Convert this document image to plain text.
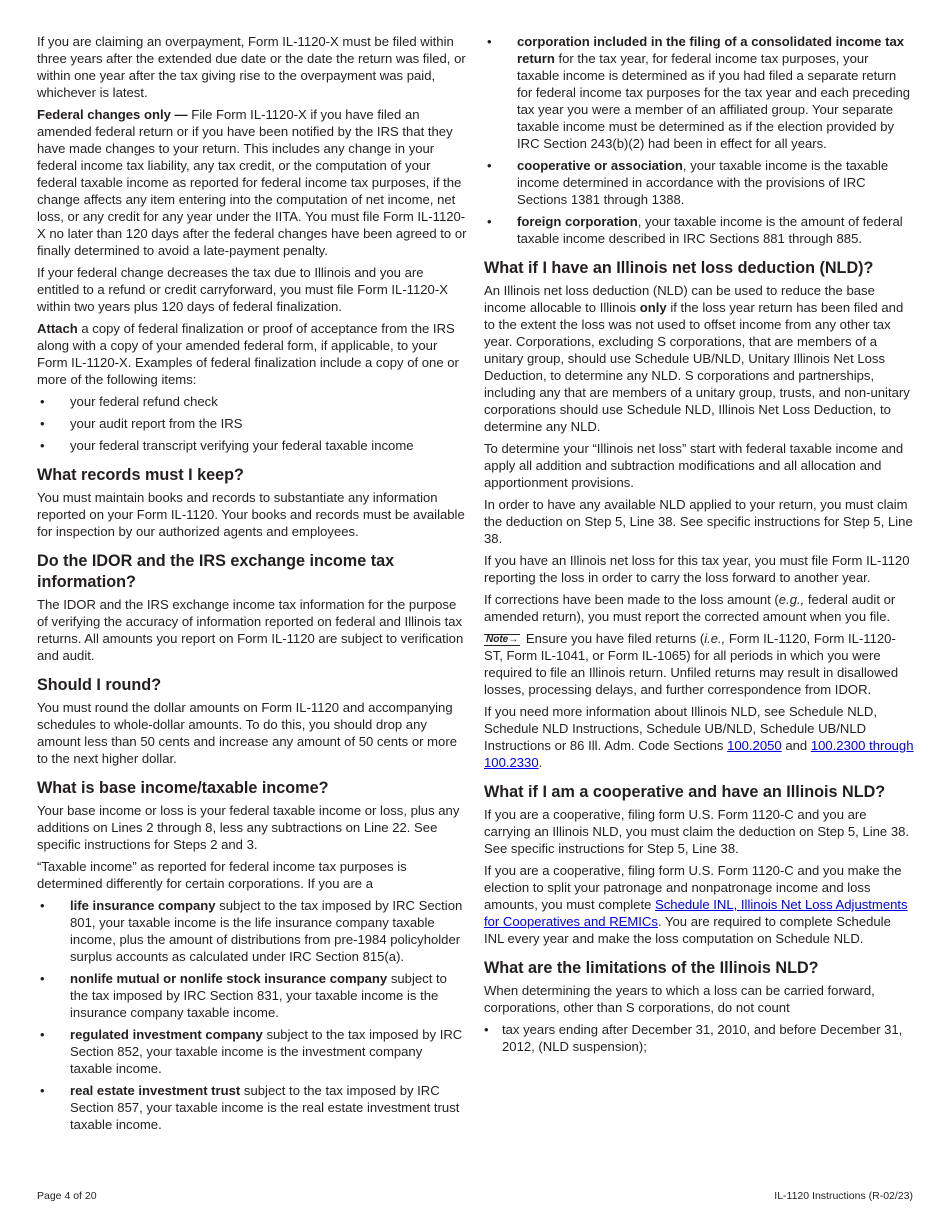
If you are claiming an overpayment, Form IL-1120-X must be filed within three years after the extended due date or the date the return was filed, or within one year after the tax giving rise to the overpayment was paid, whichever is latest.

Federal changes only — File Form IL-1120-X if you have filed an amended federal return or if you have been notified by the IRS that they have made changes to your return. This includes any change in your federal income tax liability, any tax credit, or the computation of your federal taxable income as reported for federal income tax purposes, if the change affects any item entering into the computation of net income, net loss, or any credit for any year under the IITA. You must file Form IL-1120-X no later than 120 days after the federal changes have been agreed to or finally determined to avoid a late-payment penalty.

If your federal change decreases the tax due to Illinois and you are entitled to a refund or credit carryforward, you must file Form IL-1120-X within two years plus 120 days of federal finalization.

Attach a copy of federal finalization or proof of acceptance from the IRS along with a copy of your amended federal form, if applicable, to your Form IL-1120-X. Examples of federal finalization include a copy of one or more of the following items:

• your federal refund check
• your audit report from the IRS
• your federal transcript verifying your federal taxable income
What records must I keep?

You must maintain books and records to substantiate any information reported on your Form IL-1120. Your books and records must be available for inspection by our authorized agents and employees.

Do the IDOR and the IRS exchange income tax information?

The IDOR and the IRS exchange income tax information for the purpose of verifying the accuracy of information reported on federal and Illinois tax returns. All amounts you report on Form IL-1120 are subject to verification and audit.

Should I round?

You must round the dollar amounts on Form IL-1120 and accompanying schedules to whole-dollar amounts. To do this, you should drop any amount less than 50 cents and increase any amount of 50 cents or more to the next higher dollar.

What is base income/taxable income?

Your base income or loss is your federal taxable income or loss, plus any additions on Lines 2 through 8, less any subtractions on Line 22. See specific instructions for Steps 2 and 3.

“Taxable income” as reported for federal income tax purposes is determined differently for certain corporations. If you are a

• life insurance company subject to the tax imposed by IRC Section 801, your taxable income is the life insurance company taxable income, plus the amount of distributions from pre-1984 policyholder surplus accounts as calculated under IRC Section 815(a).
• nonlife mutual or nonlife stock insurance company subject to the tax imposed by IRC Section 831, your taxable income is the insurance company taxable income.
• regulated investment company subject to the tax imposed by IRC Section 852, your taxable income is the investment company taxable income.
• real estate investment trust subject to the tax imposed by IRC Section 857, your taxable income is the real estate investment trust taxable income.
• corporation included in the filing of a consolidated income tax return for the tax year, for federal income tax purposes, your taxable income is determined as if you had filed a separate return for federal income tax purposes for the tax year and each preceding tax year you were a member of an affiliated group. Your separate taxable income must be determined as if the election provided by IRC Section 243(b)(2) had been in effect for all years.
• cooperative or association, your taxable income is the taxable income determined in accordance with the provisions of IRC Sections 1381 through 1388.
• foreign corporation, your taxable income is the amount of federal taxable income described in IRC Sections 881 through 885.
What if I have an Illinois net loss deduction (NLD)?

An Illinois net loss deduction (NLD) can be used to reduce the base income allocable to Illinois only if the loss year return has been filed and to the extent the loss was not used to offset income from any other tax year. Corporations, excluding S corporations, that are members of a unitary group, should use Schedule UB/NLD, Unitary Illinois Net Loss Deduction, to determine any NLD. S corporations and partnerships, including any that are members of a unitary group, trusts, and non-unitary corporations should use Schedule NLD, Illinois Net Loss Deduction, to determine any NLD.

To determine your “Illinois net loss” start with federal taxable income and apply all addition and subtraction modifications and all allocation and apportionment provisions.

In order to have any available NLD applied to your return, you must claim the deduction on Step 5, Line 38. See specific instructions for Step 5, Line 38.

If you have an Illinois net loss for this tax year, you must file Form IL-1120 reporting the loss in order to carry the loss forward to another year.

If corrections have been made to the loss amount (e.g., federal audit or amended return), you must report the corrected amount when you file.

Note→ Ensure you have filed returns (i.e., Form IL-1120, Form IL-1120-ST, Form IL-1041, or Form IL-1065) for all periods in which you were required to file an Illinois return. Unfiled returns may result in disallowed losses, processing delays, and further correspondence from IDOR.

If you need more information about Illinois NLD, see Schedule NLD, Schedule NLD Instructions, Schedule UB/NLD, Schedule UB/NLD Instructions or 86 Ill. Adm. Code Sections 100.2050 and 100.2300 through 100.2330.

What if I am a cooperative and have an Illinois NLD?

If you are a cooperative, filing form U.S. Form 1120-C and you are carrying an Illinois NLD, you must claim the deduction on Step 5, Line 38. See specific instructions for Step 5, Line 38.

If you are a cooperative, filing form U.S. Form 1120-C and you make the election to split your patronage and nonpatronage income and loss amounts, you must complete Schedule INL, Illinois Net Loss Adjustments for Cooperatives and REMICs. You are required to complete Schedule INL every year and make the loss computation on Schedule NLD.

What are the limitations of the Illinois NLD?

When determining the years to which a loss can be carried forward, corporations, other than S corporations, do not count

• tax years ending after December 31, 2010, and before December 31, 2012, (NLD suspension);
Page 4 of 20	IL-1120 Instructions (R-02/23)
